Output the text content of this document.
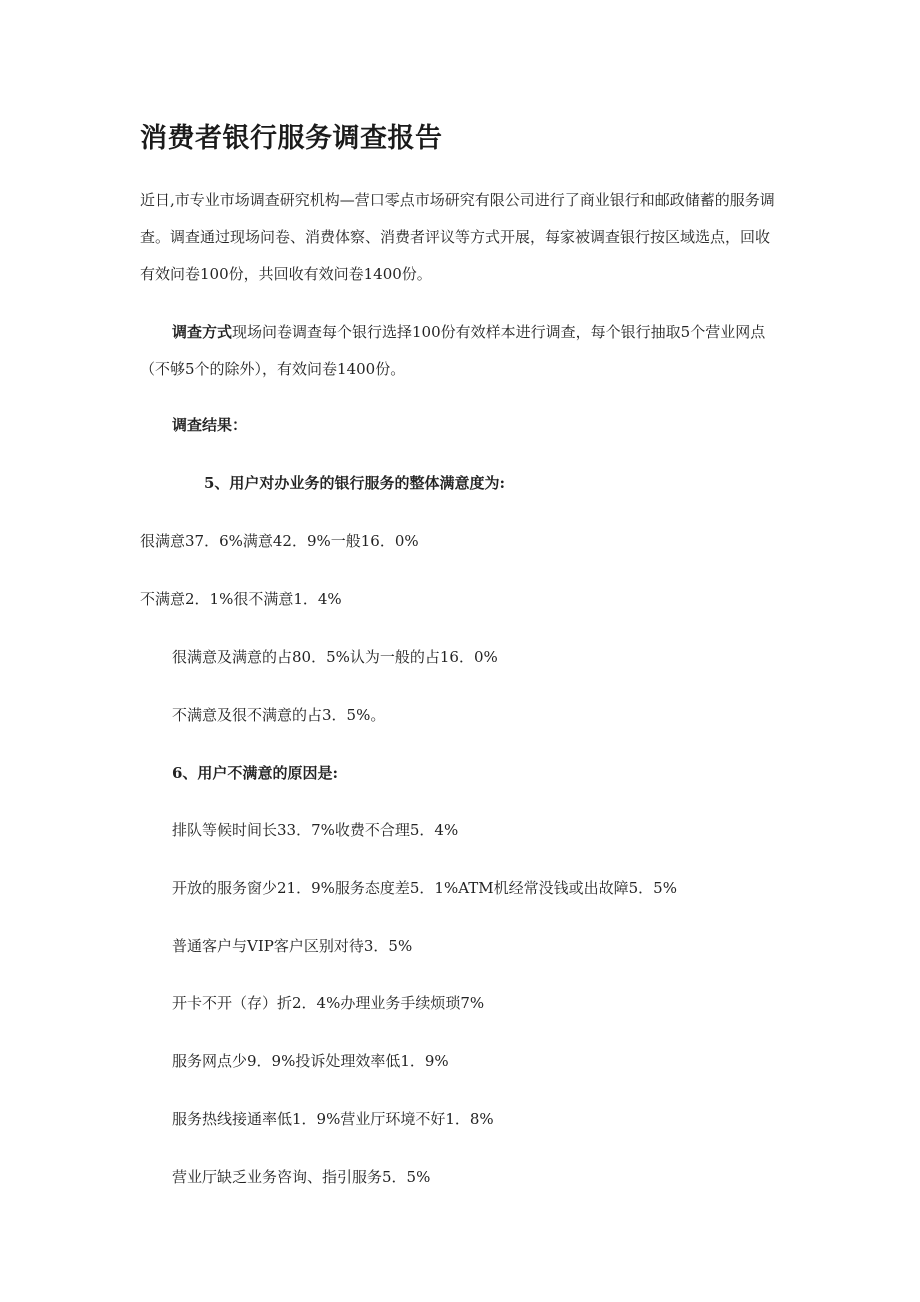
消费者银行服务调查报告

近日,市专业市场调查研究机构—营口零点市场研究有限公司进行了商业银行和邮政储蓄的服务调查。调查通过现场问卷、消费体察、消费者评议等方式开展，每家被调查银行按区域选点，回收有效问卷100份，共回收有效问卷1400份。

调查方式现场问卷调查每个银行选择100份有效样本进行调查，每个银行抽取5个营业网点（不够5个的除外），有效问卷1400份。

调查结果：

5、用户对办业务的银行服务的整体满意度为:

很满意37．6%满意42．9%一般16．0%

不满意2．1%很不满意1．4%

很满意及满意的占80．5%认为一般的占16．0%

不满意及很不满意的占3．5%。

6、用户不满意的原因是:

排队等候时间长33．7%收费不合理5．4%

开放的服务窗少21．9%服务态度差5．1%ATM机经常没钱或出故障5．5%

普通客户与VIP客户区别对待3．5%

开卡不开（存）折2．4%办理业务手续烦琐7%

服务网点少9．9%投诉处理效率低1．9%

服务热线接通率低1．9%营业厅环境不好1．8%

营业厅缺乏业务咨询、指引服务5．5%
